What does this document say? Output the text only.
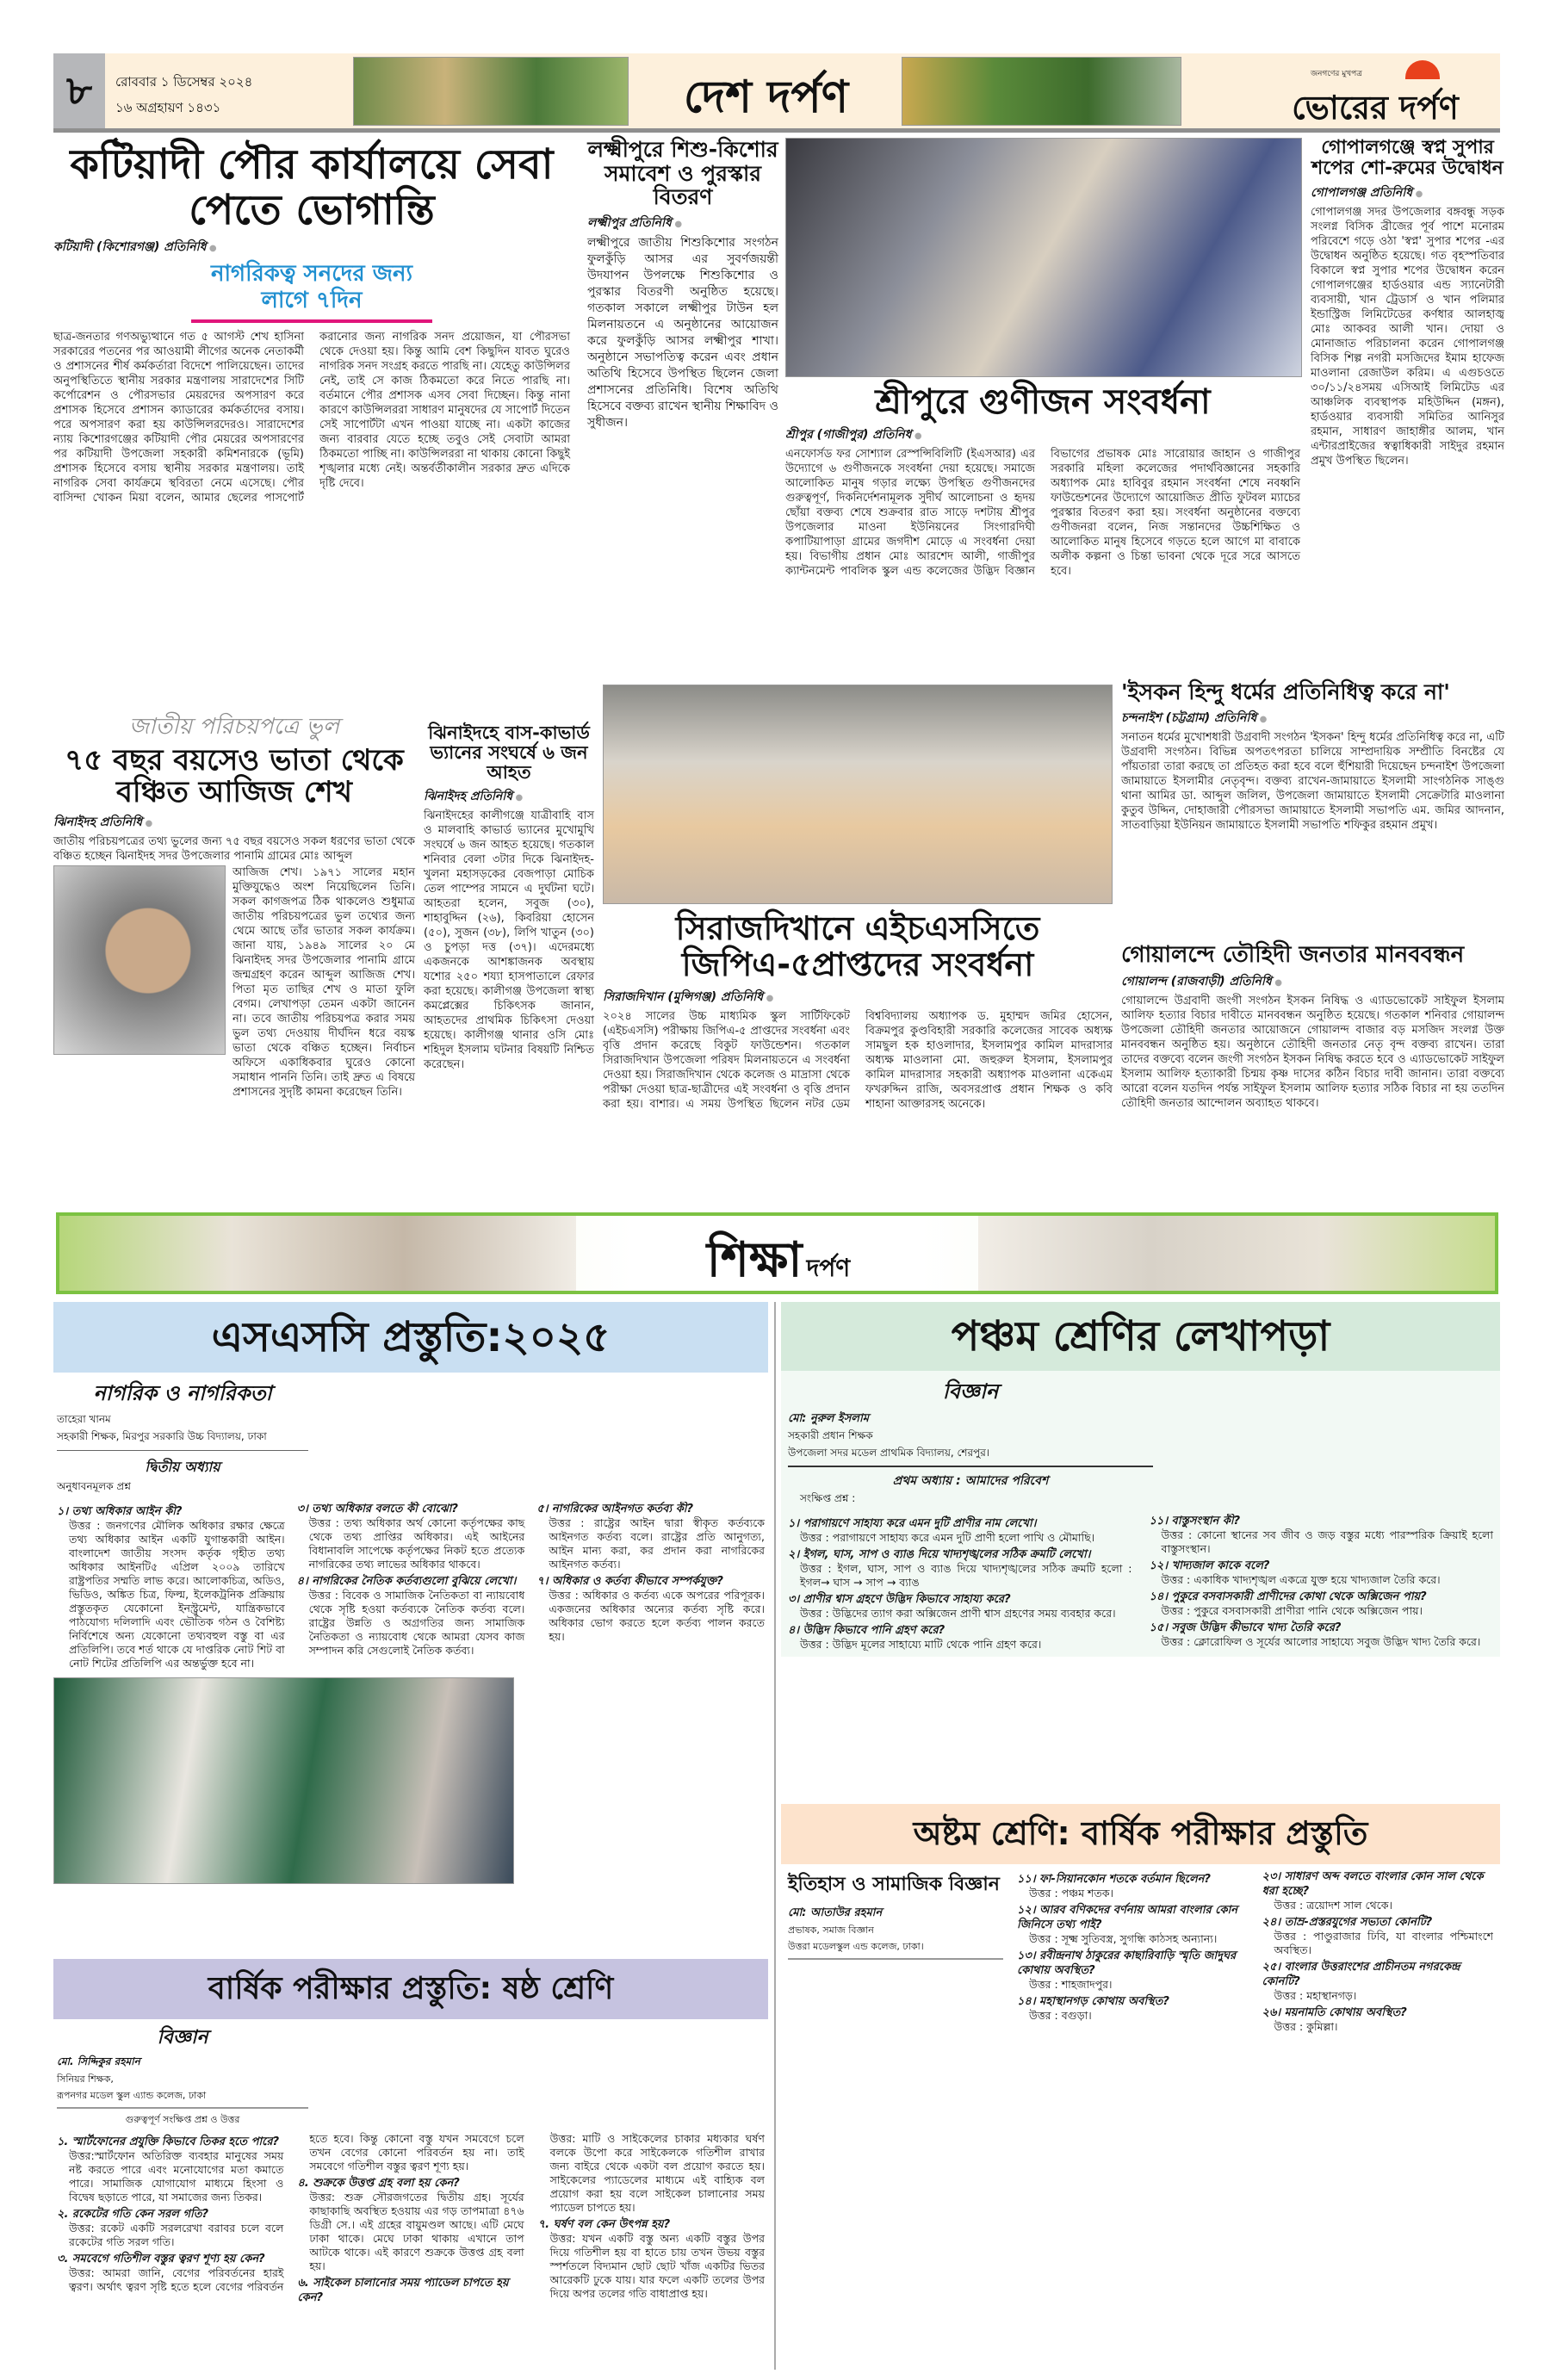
৮	রোববার ১ ডিসেম্বর ২০২৪
১৬ অগ্রহায়ণ ১৪৩১	দেশ দর্পণ	জনগণের মুখপত্র
ভোরের দর্পণ
কটিয়াদী পৌর কার্যালয়ে সেবা পেতে ভোগান্তি
কটিয়াদী (কিশোরগঞ্জ) প্রতিনিধি ●
নাগরিকত্ব সনদের জন্য লাগে ৭দিন
ছাত্র-জনতার গণঅভ্যুত্থানে গত ৫ আগস্ট শেখ হাসিনা সরকারের পতনের পর আওয়ামী লীগের অনেক নেতাকর্মী ও প্রশাসনের শীর্ষ কর্মকর্তারা বিদেশে পালিয়েছেন। তাদের অনুপস্থিতিতে স্থানীয় সরকার মন্ত্রণালয় সারাদেশের সিটি কর্পোরেশন ও পৌরসভার মেয়রদের অপসারণ করে প্রশাসক হিসেবে প্রশাসন ক্যাডারের কর্মকর্তাদের বসায়।পরে অপসারণ করা হয় কাউন্সিলরদেরও। সারাদেশের ন্যায় কিশোরগঞ্জের কটিয়াদী পৌর মেয়রের অপসারণের পর কটিয়াদী উপজেলা সহকারী কমিশনারকে (ভূমি) প্রশাসক হিসেবে বসায় স্থানীয় সরকার মন্ত্রণালয়। তাই নাগরিক সেবা কার্যক্রমে স্থবিরতা নেমে এসেছে। পৌর বাসিন্দা খোকন মিয়া বলেন, আমার ছেলের পাসপোর্ট করানোর জন্য নাগরিক সনদ প্রয়োজন, যা পৌরসভা থেকে দেওয়া হয়। কিন্তু আমি বেশ কিছুদিন যাবত ঘুরেও নাগরিক সনদ সংগ্রহ করতে পারছি না। যেহেতু কাউন্সিলর নেই, তাই সে কাজ ঠিকমতো করে নিতে পারছি না। বর্তমানে পৌর প্রশাসক এসব সেবা দিচ্ছেন। কিন্তু নানা কারণে কাউন্সিলররা সাধারণ মানুষদের যে সাপোর্ট দিতেন সেই সাপোর্টটা এখন পাওয়া যাচ্ছে না। একটা কাজের জন্য বারবার যেতে হচ্ছে তবুও সেই সেবাটা আমরা ঠিকমতো পাচ্ছি না। কাউন্সিলররা না থাকায় কোনো কিছুই শৃঙ্খলার মধ্যে নেই। অন্তর্বর্তীকালীন সরকার দ্রুত এদিকে দৃষ্টি দেবে।
লক্ষ্মীপুরে শিশু-কিশোর সমাবেশ ও পুরস্কার বিতরণ
লক্ষ্মীপুর প্রতিনিধি ●
লক্ষ্মীপুরে জাতীয় শিশুকিশোর সংগঠন ফুলকুঁড়ি আসর এর সুবর্ণজয়ন্তী উদযাপন উপলক্ষে শিশুকিশোর ও পুরস্কার বিতরণী অনুষ্ঠিত হয়েছে। গতকাল সকালে লক্ষ্মীপুর টাউন হল মিলনায়তনে এ অনুষ্ঠানের আয়োজন করে ফুলকুঁড়ি আসর লক্ষ্মীপুর শাখা। অনুষ্ঠানে সভাপতিত্ব করেন এবং প্রধান অতিথি হিসেবে উপস্থিত ছিলেন জেলা প্রশাসনের প্রতিনিধি। বিশেষ অতিথি হিসেবে বক্তব্য রাখেন স্থানীয় শিক্ষাবিদ ও সুধীজন।
শ্রীপুরে গুণীজন সংবর্ধনা
শ্রীপুর (গাজীপুর) প্রতিনিধ ●
এনফোর্সড ফর সোশ্যাল রেস্পন্সিবিলিটি (ইএসআর) এর উদ্যোগে ৬ গুণীজনকে সংবর্ধনা দেয়া হয়েছে। সমাজে আলোকিত মানুষ গড়ার লক্ষ্যে উপস্থিত গুণীজনদের গুরুত্বপূর্ণ, দিকনির্দেশনামূলক সুদীর্ঘ আলোচনা ও হৃদয় ছোঁয়া বক্তব্য শেষে শুক্রবার রাত সাড়ে দশটায় শ্রীপুর উপজেলার মাওনা ইউনিয়নের সিংগারদিঘী কপাটিয়াপাড়া গ্রামের জগদীশ মোড়ে এ সংবর্ধনা দেয়া হয়। বিভাগীয় প্রধান মোঃ আরশেদ আলী, গাজীপুর ক্যান্টনমেন্ট পাবলিক স্কুল এন্ড কলেজের উদ্ভিদ বিজ্ঞান বিভাগের প্রভাষক মোঃ সারোয়ার জাহান ও গাজীপুর সরকারি মহিলা কলেজের পদার্থবিজ্ঞানের সহকারি অধ্যাপক মোঃ হাবিবুর রহমান সংবর্ধনা শেষে নবধ্বনি ফাউন্ডেশনের উদ্যোগে আয়োজিত প্রীতি ফুটবল ম্যাচের পুরস্কার বিতরণ করা হয়। সংবর্ধনা অনুষ্ঠানের বক্তব্যে গুণীজনরা বলেন, নিজ সন্তানদের উচ্চশিক্ষিত ও আলোকিত মানুষ হিসেবে গড়তে হলে আগে মা বাবাকে অলীক কল্পনা ও চিন্তা ভাবনা থেকে দূরে সরে আসতে হবে।
গোপালগঞ্জে স্বপ্ন সুপার শপের শো-রুমের উদ্বোধন
গোপালগঞ্জ প্রতিনিধি ●
গোপালগঞ্জ সদর উপজেলার বঙ্গবন্ধু সড়ক সংলগ্ন বিসিক ব্রীজের পূর্ব পাশে মনোরম পরিবেশে গড়ে ওঠা 'স্বপ্ন' সুপার শপের -এর উদ্বোধন অনুষ্ঠিত হয়েছে। গত বৃহস্পতিবার বিকালে স্বপ্ন সুপার শপের উদ্বোধন করেন গোপালগঞ্জের হার্ডওয়ার এন্ড স্যানেটারী ব্যবসায়ী, খান ট্রেডার্স ও খান পলিমার ইন্ডাস্ট্রিজ লিমিটেডের কর্ণধার আলহাজ্ব মোঃ আকবর আলী খান। দোয়া ও মোনাজাত পরিচালনা করেন গোপালগঞ্জ বিসিক শিল্প নগরী মসজিদের ইমাম হাফেজ মাওলানা রেজাউল করিম। এ এগুচওতে ৩০/১১/২৪সময় এসিআই লিমিটেড এর আঞ্চলিক ব্যবস্থাপক মহিউদ্দিন (মঙ্গন), হার্ডওয়ার ব্যবসায়ী সমিতির আনিসুর রহমান, সাধারণ জাহাঙ্গীর আলম, খান এন্টারপ্রাইজের স্বত্বাধিকারী সাইদুর রহমান প্রমুখ উপস্থিত ছিলেন।
জাতীয় পরিচয়পত্রে ভুল
৭৫ বছর বয়সেও ভাতা থেকে বঞ্চিত আজিজ শেখ
ঝিনাইদহ প্রতিনিধি ●
জাতীয় পরিচয়পত্রের তথ্য ভুলের জন্য ৭৫ বছর বয়সেও সকল ধরণের ভাতা থেকে বঞ্চিত হচ্ছেন ঝিনাইদহ সদর উপজেলার পানামি গ্রামের মোঃ আব্দুল
আজিজ শেখ। ১৯৭১ সালের মহান মুক্তিযুদ্ধেও অংশ নিয়েছিলেন তিনি। সকল কাগজপত্র ঠিক থাকলেও শুধুমাত্র জাতীয় পরিচয়পত্রের ভুল তথ্যের জন্য থেমে আছে তাঁর ভাতার সকল কার্যক্রম। জানা যায়, ১৯৪৯ সালের ২০ মে ঝিনাইদহ সদর উপজেলার পানামি গ্রামে জন্মগ্রহণ করেন আব্দুল আজিজ শেখ। পিতা মৃত তাছির শেখ ও মাতা ফুলি বেগম। লেখাপড়া তেমন একটা জানেন না। তবে জাতীয় পরিচয়পত্র করার সময় ভুল তথ্য দেওয়ায় দীর্ঘদিন ধরে বয়স্ক ভাতা থেকে বঞ্চিত হচ্ছেন। নির্বাচন অফিসে একাধিকবার ঘুরেও কোনো সমাধান পাননি তিনি। তাই দ্রুত এ বিষয়ে প্রশাসনের সুদৃষ্টি কামনা করেছেন তিনি।
ঝিনাইদহে বাস-কাভার্ড ভ্যানের সংঘর্ষে ৬ জন আহত
ঝিনাইদহ প্রতিনিধি ●
ঝিনাইদহের কালীগঞ্জে যাত্রীবাহি বাস ও মালবাহি কাভার্ড ভ্যানের মুখোমুখি সংঘর্ষে ৬ জন আহত হয়েছে। গতকাল শনিবার বেলা ৩টার দিকে ঝিনাইদহ-খুলনা মহাসড়কের বেজপাড়া মোচিক তেল পাম্পের সামনে এ দুর্ঘটনা ঘটে। আহতরা হলেন, সবুজ (৩০), শাহাবুদ্দিন (২৬), কিবরিয়া হোসেন (৫০), সুজন (৩৮), লিপি খাতুন (৩০) ও চুপড়া দত্ত (৩৭)। এদেরমধ্যে একজনকে আশঙ্কাজনক অবস্থায় যশোর ২৫০ শয্যা হাসপাতালে রেফার করা হয়েছে। কালীগঞ্জ উপজেলা স্বাস্থ্য কমপ্লেক্সের চিকিৎসক জানান, আহতদের প্রাথমিক চিকিৎসা দেওয়া হয়েছে। কালীগঞ্জ থানার ওসি মোঃ শহিদুল ইসলাম ঘটনার বিষয়টি নিশ্চিত করেছেন।
'ইসকন হিন্দু ধর্মের প্রতিনিধিত্ব করে না'
চন্দনাইশ (চট্টগ্রাম) প্রতিনিধি ●
সনাতন ধর্মের মুখোশধারী উগ্রবাদী সংগঠন 'ইসকন' হিন্দু ধর্মের প্রতিনিধিত্ব করে না, এটি উগ্রবাদী সংগঠন। বিভিন্ন অপতৎপরতা চালিয়ে সাম্প্রদায়িক সম্প্রীতি বিনষ্টের যে পাঁয়তারা তারা করছে তা প্রতিহত করা হবে বলে হুঁশিয়ারী দিয়েছেন চন্দনাইশ উপজেলা জামায়াতে ইসলামীর নেতৃবৃন্দ। বক্তব্য রাখেন-জামায়াতে ইসলামী সাংগঠনিক সাঙ্গু থানা আমির ডা. আব্দুল জলিল, উপজেলা জামায়াতে ইসলামী সেক্রেটারি মাওলানা কুতুব উদ্দিন, দোহাজারী পৌরসভা জামায়াতে ইসলামী সভাপতি এম. জমির আদনান, সাতবাড়িয়া ইউনিয়ন জামায়াতে ইসলামী সভাপতি শফিকুর রহমান প্রমুখ।
সিরাজদিখানে এইচএসসিতে জিপিএ-৫প্রাপ্তদের সংবর্ধনা
সিরাজদিখান (মুন্সিগঞ্জ) প্রতিনিধি ●
২০২৪ সালের উচ্চ মাধ্যমিক স্কুল সার্টিফিকেট (এইচএসসি) পরীক্ষায় জিপিএ-৫ প্রাপ্তদের সংবর্ধনা এবং বৃত্তি প্রদান করেছে বিকুট ফাউন্ডেশন। গতকাল সিরাজদিখান উপজেলা পরিষদ মিলনায়তনে এ সংবর্ধনা দেওয়া হয়। সিরাজদিখান থেকে কলেজ ও মাদ্রাসা থেকে পরীক্ষা দেওয়া ছাত্র-ছাত্রীদের এই সংবর্ধনা ও বৃত্তি প্রদান করা হয়। বাশার। এ সময় উপস্থিত ছিলেন নটর ডেম বিশ্ববিদ্যালয় অধ্যাপক ড. মুহাম্মদ জমির হোসেন, বিক্রমপুর কুণ্ডবিহারী সরকারি কলেজের সাবেক অধ্যক্ষ সামছুল হক হাওলাদার, ইসলামপুর কামিল মাদরাসার অধ্যক্ষ মাওলানা মো. জহুরুল ইসলাম, ইসলামপুর কামিল মাদরাসার সহকারী অধ্যাপক মাওলানা একেএম ফখরুদ্দিন রাজি, অবসরপ্রাপ্ত প্রধান শিক্ষক ও কবি শাহানা আক্তারসহ অনেকে।
গোয়ালন্দে তৌহিদী জনতার মানববন্ধন
গোয়ালন্দ (রাজবাড়ী) প্রতিনিধি ●
গোয়ালন্দে উগ্রবাদী জংগী সংগঠন ইসকন নিষিদ্ধ ও এ্যাডভোকেট সাইফুল ইসলাম আলিফ হত্যার বিচার দাবীতে মানববন্ধন অনুষ্ঠিত হয়েছে। গতকাল শনিবার গোয়ালন্দ উপজেলা তৌহিদী জনতার আয়োজনে গোয়ালন্দ বাজার বড় মসজিদ সংলগ্ন উক্ত মানববন্ধন অনুষ্ঠিত হয়। অনুষ্ঠানে তৌহিদী জনতার নেতৃ বৃন্দ বক্তব্য রাখেন। তারা তাদের বক্তব্যে বলেন জংগী সংগঠন ইসকন নিষিদ্ধ করতে হবে ও এ্যাডভোকেট সাইফুল ইসলাম আলিফ হত্যাকারী চিন্ময় কৃষ্ণ দাসের কঠিন বিচার দাবী জানান। তারা বক্তব্যে আরো বলেন যতদিন পর্যন্ত সাইফুল ইসলাম আলিফ হত্যার সঠিক বিচার না হয় ততদিন তৌহিদী জনতার আন্দোলন অব্যাহত থাকবে।
শিক্ষা দর্পণ
এসএসসি প্রস্তুতি:২০২৫
নাগরিক ও নাগরিকতা
তাহেরা খানম
সহকারী শিক্ষক, মিরপুর সরকারি উচ্চ বিদ্যালয়, ঢাকা
দ্বিতীয় অধ্যায়
অনুধাবনমূলক প্রশ্ন
১। তথ্য অধিকার আইন কী?
উত্তর : জনগণের মৌলিক অধিকার রক্ষার ক্ষেত্রে তথ্য অধিকার আইন একটি যুগান্তকারী আইন। বাংলাদেশ জাতীয় সংসদ কর্তৃক গৃহীত তথ্য অধিকার আইনটি৫ এপ্রিল ২০০৯ তারিখে রাষ্ট্রপতির সম্মতি লাভ করে। আলোকচিত্র, অডিও, ভিডিও, অঙ্কিত চিত্র, ফিল্ম, ইলেকট্রনিক প্রক্রিয়ায় প্রস্তুতকৃত যেকোনো ইনস্ট্রুমেন্ট, যান্ত্রিকভাবে পাঠযোগ্য দলিলাদি এবং ভৌতিক গঠন ও বৈশিষ্ট্য নির্বিশেষে অন্য যেকোনো তথ্যবহুল বস্তু বা এর প্রতিলিপি। তবে শর্ত থাকে যে দাপ্তরিক নোট শিট বা নোট শিটের প্রতিলিপি এর অন্তর্ভুক্ত হবে না।
৩। তথ্য অধিকার বলতে কী বোঝো?
উত্তর : তথ্য অধিকার অর্থ কোনো কর্তৃপক্ষের কাছ থেকে তথ্য প্রাপ্তির অধিকার। এই আইনের বিধানাবলি সাপেক্ষে কর্তৃপক্ষের নিকট হতে প্রত্যেক নাগরিকের তথ্য লাভের অধিকার থাকবে।
৪। নাগরিকের নৈতিক কর্তব্যগুলো বুঝিয়ে লেখো।
উত্তর : বিবেক ও সামাজিক নৈতিকতা বা ন্যায়বোধ থেকে সৃষ্টি হওয়া কর্তব্যকে নৈতিক কর্তব্য বলে। রাষ্ট্রের উন্নতি ও অগ্রগতির জন্য সামাজিক নৈতিকতা ও ন্যায়বোধ থেকে আমরা যেসব কাজ সম্পাদন করি সেগুলোই নৈতিক কর্তব্য।
৫। নাগরিকের আইনগত কর্তব্য কী?
উত্তর : রাষ্ট্রের আইন দ্বারা স্বীকৃত কর্তব্যকে আইনগত কর্তব্য বলে। রাষ্ট্রের প্রতি আনুগত্য, আইন মান্য করা, কর প্রদান করা নাগরিকের আইনগত কর্তব্য।
৭। অধিকার ও কর্তব্য কীভাবে সম্পর্কযুক্ত?
উত্তর : অধিকার ও কর্তব্য একে অপরের পরিপূরক। একজনের অধিকার অন্যের কর্তব্য সৃষ্টি করে। অধিকার ভোগ করতে হলে কর্তব্য পালন করতে হয়।
পঞ্চম শ্রেণির লেখাপড়া
বিজ্ঞান
মো: নুরুল ইসলাম
সহকারী প্রধান শিক্ষক
উপজেলা সদর মডেল প্রাথমিক বিদ্যালয়, শেরপুর।
প্রথম অধ্যায় : আমাদের পরিবেশ
সংক্ষিপ্ত প্রশ্ন :
১। পরাগায়ণে সাহায্য করে এমন দুটি প্রাণীর নাম লেখো।
উত্তর : পরাগায়ণে সাহায্য করে এমন দুটি প্রাণী হলো পাখি ও মৌমাছি।
২। ইগল, ঘাস, সাপ ও ব্যাঙ দিয়ে খাদ্যশৃঙ্খলের সঠিক ক্রমটি লেখো।
উত্তর : ইগল, ঘাস, সাপ ও ব্যাঙ দিয়ে খাদ্যশৃঙ্খলের সঠিক ক্রমটি হলো : ইগল→ ঘাস → সাপ → ব্যাঙ
৩। প্রাণীর শ্বাস গ্রহণে উদ্ভিদ কিভাবে সাহায্য করে?
উত্তর : উদ্ভিদের ত্যাগ করা অক্সিজেন প্রাণী শ্বাস গ্রহণের সময় ব্যবহার করে।
৪। উদ্ভিদ কিভাবে পানি গ্রহণ করে?
উত্তর : উদ্ভিদ মূলের সাহায্যে মাটি থেকে পানি গ্রহণ করে।
১১। বাস্তুসংস্থান কী?
উত্তর : কোনো স্থানের সব জীব ও জড় বস্তুর মধ্যে পারস্পরিক ক্রিয়াই হলো বাস্তুসংস্থান।
১২। খাদ্যজাল কাকে বলে?
উত্তর : একাধিক খাদ্যশৃঙ্খল একত্রে যুক্ত হয়ে খাদ্যজাল তৈরি করে।
১৪। পুকুরে বসবাসকারী প্রাণীদের কোথা থেকে অক্সিজেন পায়?
উত্তর : পুকুরে বসবাসকারী প্রাণীরা পানি থেকে অক্সিজেন পায়।
১৫। সবুজ উদ্ভিদ কীভাবে খাদ্য তৈরি করে?
উত্তর : ক্লোরোফিল ও সূর্যের আলোর সাহায্যে সবুজ উদ্ভিদ খাদ্য তৈরি করে।
অষ্টম শ্রেণি: বার্ষিক পরীক্ষার প্রস্তুতি
ইতিহাস ও সামাজিক বিজ্ঞান
মো: আতাউর রহমান
প্রভাষক, সমাজ বিজ্ঞান
উত্তরা মডেলস্কুল এন্ড কলেজ, ঢাকা।
১১। ফা-সিয়ানকোন শতকে বর্তমান ছিলেন?
উত্তর : পঞ্চম শতক।
১২। আরব বণিকদের বর্ণনায় আমরা বাংলার কোন জিনিসে তথ্য পাই?
উত্তর : সূক্ষ্ম সুতিবস্ত্র, সুগন্ধি কাঠসহ অন্যান্য।
১৩। রবীন্দ্রনাথ ঠাকুরের কাছারিবাড়ি স্মৃতি জাদুঘর কোথায় অবস্থিত?
উত্তর : শাহজাদপুর।
১৪। মহাস্থানগড় কোথায় অবস্থিত?
উত্তর : বগুড়া।
২৩। সাধারণ অব্দ বলতে বাংলার কোন সাল থেকে ধরা হচ্ছে?
উত্তর : ত্রয়োদশ সাল থেকে।
২৪। তাম্র-প্রস্তরযুগের সভ্যতা কোনটি?
উত্তর : পাণ্ডুরাজার ঢিবি, যা বাংলার পশ্চিমাংশে অবস্থিত।
২৫। বাংলার উত্তরাংশের প্রাচীনতম নগরকেন্দ্র কোনটি?
উত্তর : মহাস্থানগড়।
২৬। ময়নামতি কোথায় অবস্থিত?
উত্তর : কুমিল্লা।
বার্ষিক পরীক্ষার প্রস্তুতি: ষষ্ঠ শ্রেণি
বিজ্ঞান
মো. সিদ্দিকুর রহমান
সিনিয়র শিক্ষক,
রূপনগর মডেল স্কুল এ্যান্ড কলেজ, ঢাকা
গুরুত্বপূর্ণ সংক্ষিপ্ত প্রশ্ন ও উত্তর
১. স্মার্টফোনের প্রযুক্তি কিভাবে তিকর হতে পারে?
উত্তর:স্মার্টফোন অতিরিক্ত ব্যবহার মানুষের সময় নষ্ট করতে পারে এবং মনোযোগের মতা কমাতে পারে। সামাজিক যোগাযোগ মাধ্যমে হিংসা ও বিদ্বেষ ছড়াতে পারে, যা সমাজের জন্য তিকর।
২. রকেটের গতি কেন সরল গতি?
উত্তর: রকেট একটি সরলরেখা বরাবর চলে বলে রকেটের গতি সরল গতি।
৩. সমবেগে গতিশীল বস্তুর ত্বরণ শূণ্য হয় কেন?
উত্তর: আমরা জানি, বেগের পরিবর্তনের হারই ত্বরণ। অর্থাৎ ত্বরণ সৃষ্টি হতে হলে বেগের পরিবর্তন হতে হবে। কিন্তু কোনো বস্তু যখন সমবেগে চলে তখন বেগের কোনো পরিবর্তন হয় না। তাই সমবেগে গতিশীল বস্তুর ত্বরণ শূণ্য হয়।
৪. শুক্রকে উত্তপ্ত গ্রহ বলা হয় কেন?
উত্তর: শুক্র সৌরজগতের দ্বিতীয় গ্রহ। সূর্যের কাছাকাছি অবস্থিত হওয়ায় এর গড় তাপমাত্রা ৪৭৬ ডিগ্রী সে.। এই গ্রহের বায়ুমণ্ডল আছে। এটি মেঘে ঢাকা থাকে। মেঘে ঢাকা থাকায় এখানে তাপ আটকে থাকে। এই কারণে শুক্রকে উত্তপ্ত গ্রহ বলা হয়।
৬. সাইকেল চালানোর সময় প্যাডেল চাপতে হয় কেন?
উত্তর: মাটি ও সাইকেলের চাকার মধ্যকার ঘর্ষণ বলকে উপো করে সাইকেলকে গতিশীল রাখার জন্য বাইরে থেকে একটা বল প্রয়োগ করতে হয়। সাইকেলের প্যাডেলের মাধ্যমে এই বাহ্যিক বল প্রয়োগ করা হয় বলে সাইকেল চালানোর সময় প্যাডেল চাপতে হয়।
৭. ঘর্ষণ বল কেন উৎপন্ন হয়?
উত্তর: যখন একটি বস্তু অন্য একটি বস্তুর উপর দিয়ে গতিশীল হয় বা হাতে চায় তখন উভয় বস্তুর স্পর্শতলে বিদ্যমান ছোট ছোট খাঁজ একটির ভিতর আরেকটি ঢুকে যায়। যার ফলে একটি তলের উপর দিয়ে অপর তলের গতি বাধাপ্রাপ্ত হয়।
